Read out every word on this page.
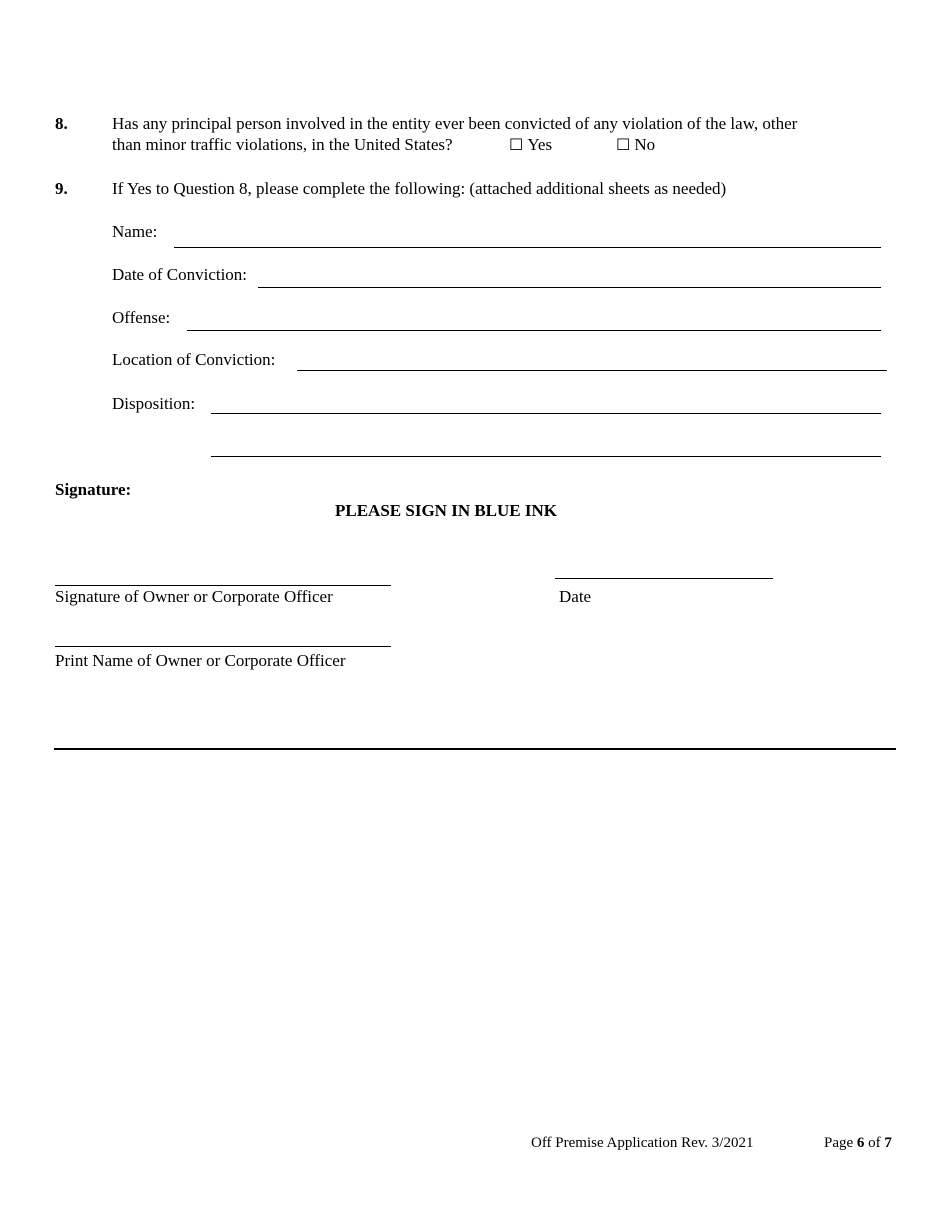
8.	Has any principal person involved in the entity ever been convicted of any violation of the law, other
than minor traffic violations, in the United States?	☐ Yes	☐ No
9.	If Yes to Question 8, please complete the following: (attached additional sheets as needed)
Name:
Date of Conviction:
Offense:
Location of Conviction:
Disposition:
Signature:
PLEASE SIGN IN BLUE INK
Signature of Owner or Corporate Officer	Date
Print Name of Owner or Corporate Officer
Off Premise Application Rev. 3/2021	Page 6 of 7
